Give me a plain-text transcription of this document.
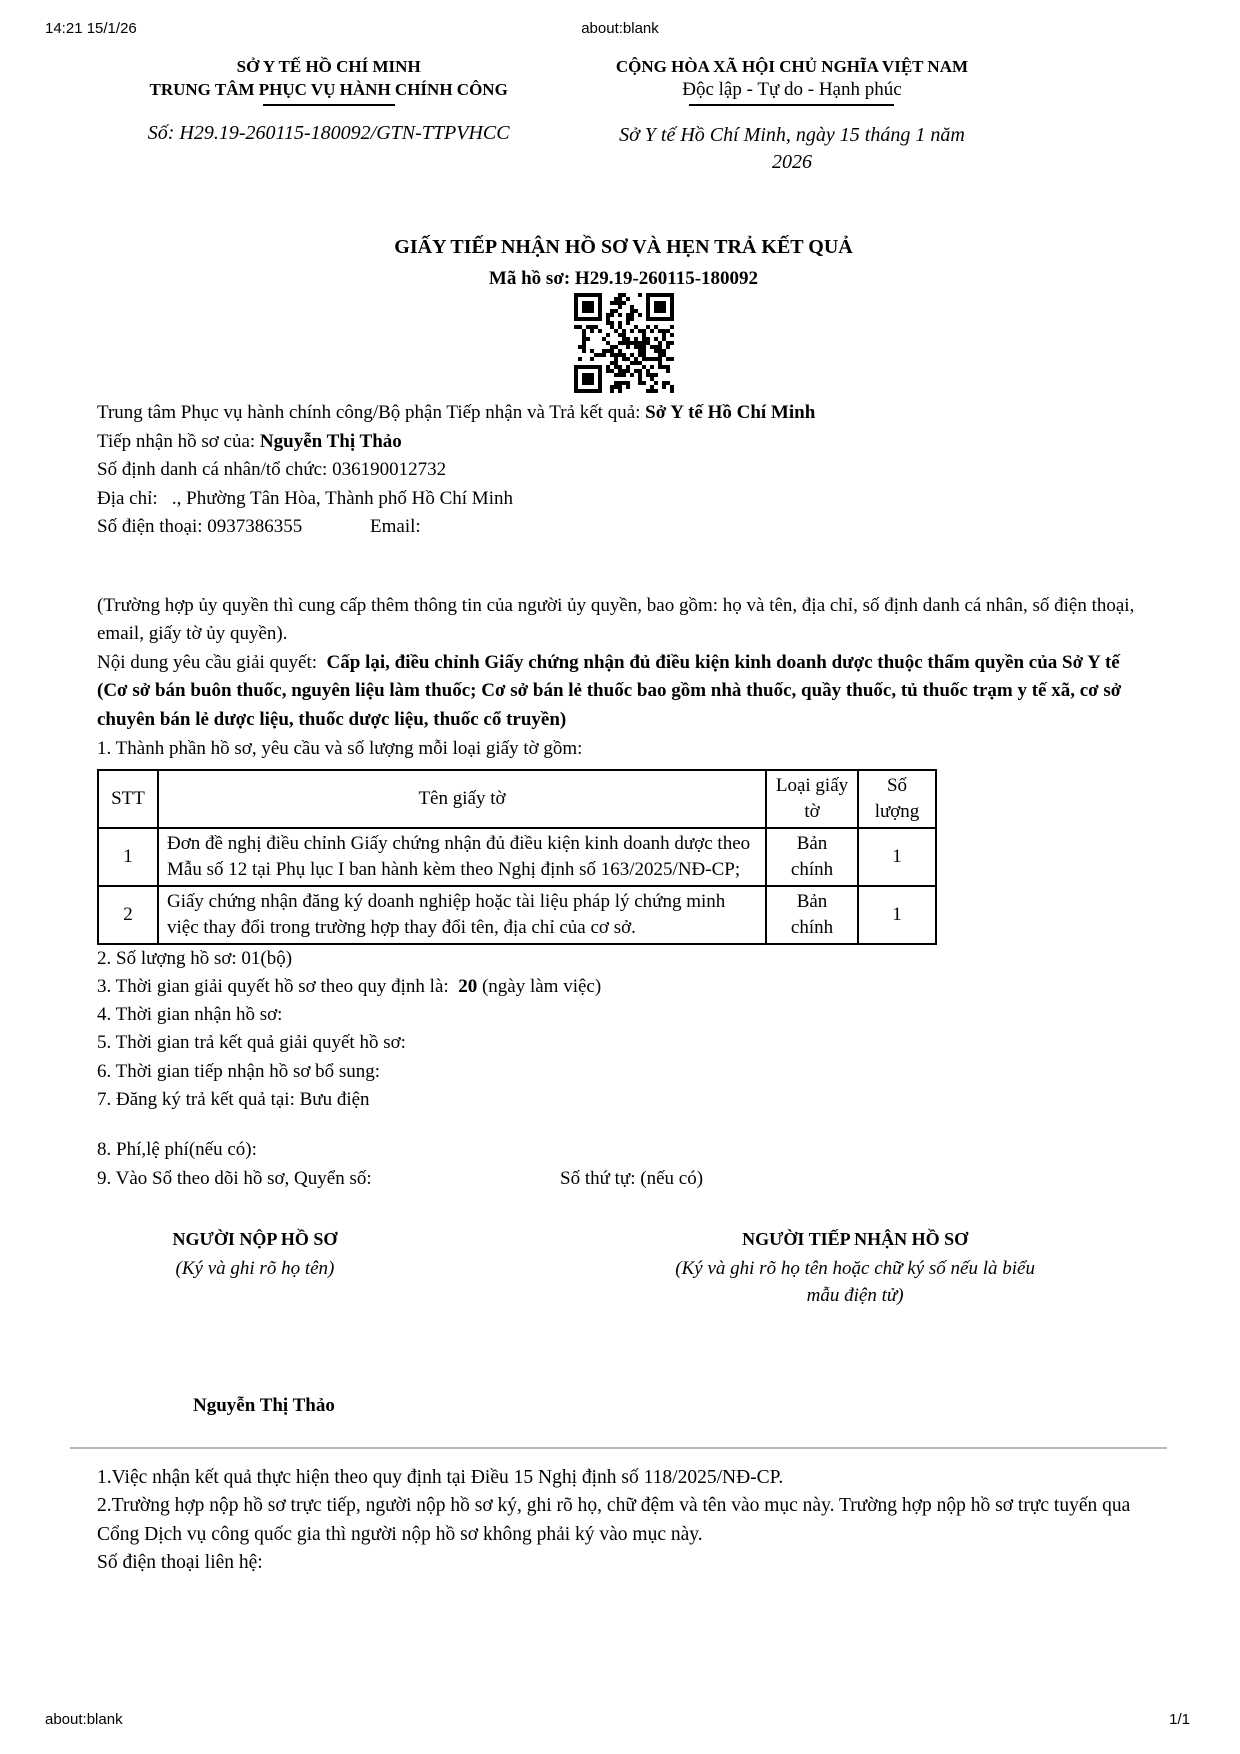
14:21 15/1/26	about:blank
SỞ Y TẾ HỒ CHÍ MINH
TRUNG TÂM PHỤC VỤ HÀNH CHÍNH CÔNG
CỘNG HÒA XÃ HỘI CHỦ NGHĨA VIỆT NAM
Độc lập - Tự do - Hạnh phúc
Số: H29.19-260115-180092/GTN-TTPVHCC	Sở Y tế Hồ Chí Minh, ngày 15 tháng 1 năm 2026
GIẤY TIẾP NHẬN HỒ SƠ VÀ HẸN TRẢ KẾT QUẢ
Mã hồ sơ: H29.19-260115-180092

Trung tâm Phục vụ hành chính công/Bộ phận Tiếp nhận và Trả kết quả: Sở Y tế Hồ Chí Minh

Tiếp nhận hồ sơ của: Nguyễn Thị Thảo

Số định danh cá nhân/tổ chức: 036190012732

Địa chỉ:   ., Phường Tân Hòa, Thành phố Hồ Chí Minh

Số điện thoại: 0937386355	Email:

(Trường hợp ủy quyền thì cung cấp thêm thông tin của người ủy quyền, bao gồm: họ và tên, địa chỉ, số định danh cá nhân, số điện thoại, email, giấy tờ ủy quyền).

Nội dung yêu cầu giải quyết:  Cấp lại, điều chỉnh Giấy chứng nhận đủ điều kiện kinh doanh dược thuộc thẩm quyền của Sở Y tế (Cơ sở bán buôn thuốc, nguyên liệu làm thuốc; Cơ sở bán lẻ thuốc bao gồm nhà thuốc, quầy thuốc, tủ thuốc trạm y tế xã, cơ sở chuyên bán lẻ dược liệu, thuốc dược liệu, thuốc cổ truyền)

1. Thành phần hồ sơ, yêu cầu và số lượng mỗi loại giấy tờ gồm:

STT	Tên giấy tờ	Loại giấy tờ	Số lượng
1	Đơn đề nghị điều chỉnh Giấy chứng nhận đủ điều kiện kinh doanh dược theo Mẫu số 12 tại Phụ lục I ban hành kèm theo Nghị định số 163/2025/NĐ-CP;	Bản chính	1
2	Giấy chứng nhận đăng ký doanh nghiệp hoặc tài liệu pháp lý chứng minh việc thay đổi trong trường hợp thay đổi tên, địa chỉ của cơ sở.	Bản chính	1

2. Số lượng hồ sơ: 01(bộ)

3. Thời gian giải quyết hồ sơ theo quy định là:  20 (ngày làm việc)

4. Thời gian nhận hồ sơ:

5. Thời gian trả kết quả giải quyết hồ sơ:

6. Thời gian tiếp nhận hồ sơ bổ sung:

7. Đăng ký trả kết quả tại: Bưu điện

8. Phí,lệ phí(nếu có):

9. Vào Sổ theo dõi hồ sơ, Quyển số:	Số thứ tự: (nếu có)

NGƯỜI NỘP HỒ SƠ
(Ký và ghi rõ họ tên)
NGƯỜI TIẾP NHẬN HỒ SƠ
(Ký và ghi rõ họ tên hoặc chữ ký số nếu là biểu mẫu điện tử)
Nguyễn Thị Thảo

1.Việc nhận kết quả thực hiện theo quy định tại Điều 15 Nghị định số 118/2025/NĐ-CP.

2.Trường hợp nộp hồ sơ trực tiếp, người nộp hồ sơ ký, ghi rõ họ, chữ đệm và tên vào mục này. Trường hợp nộp hồ sơ trực tuyến qua Cổng Dịch vụ công quốc gia thì người nộp hồ sơ không phải ký vào mục này.

Số điện thoại liên hệ:

about:blank	1/1
